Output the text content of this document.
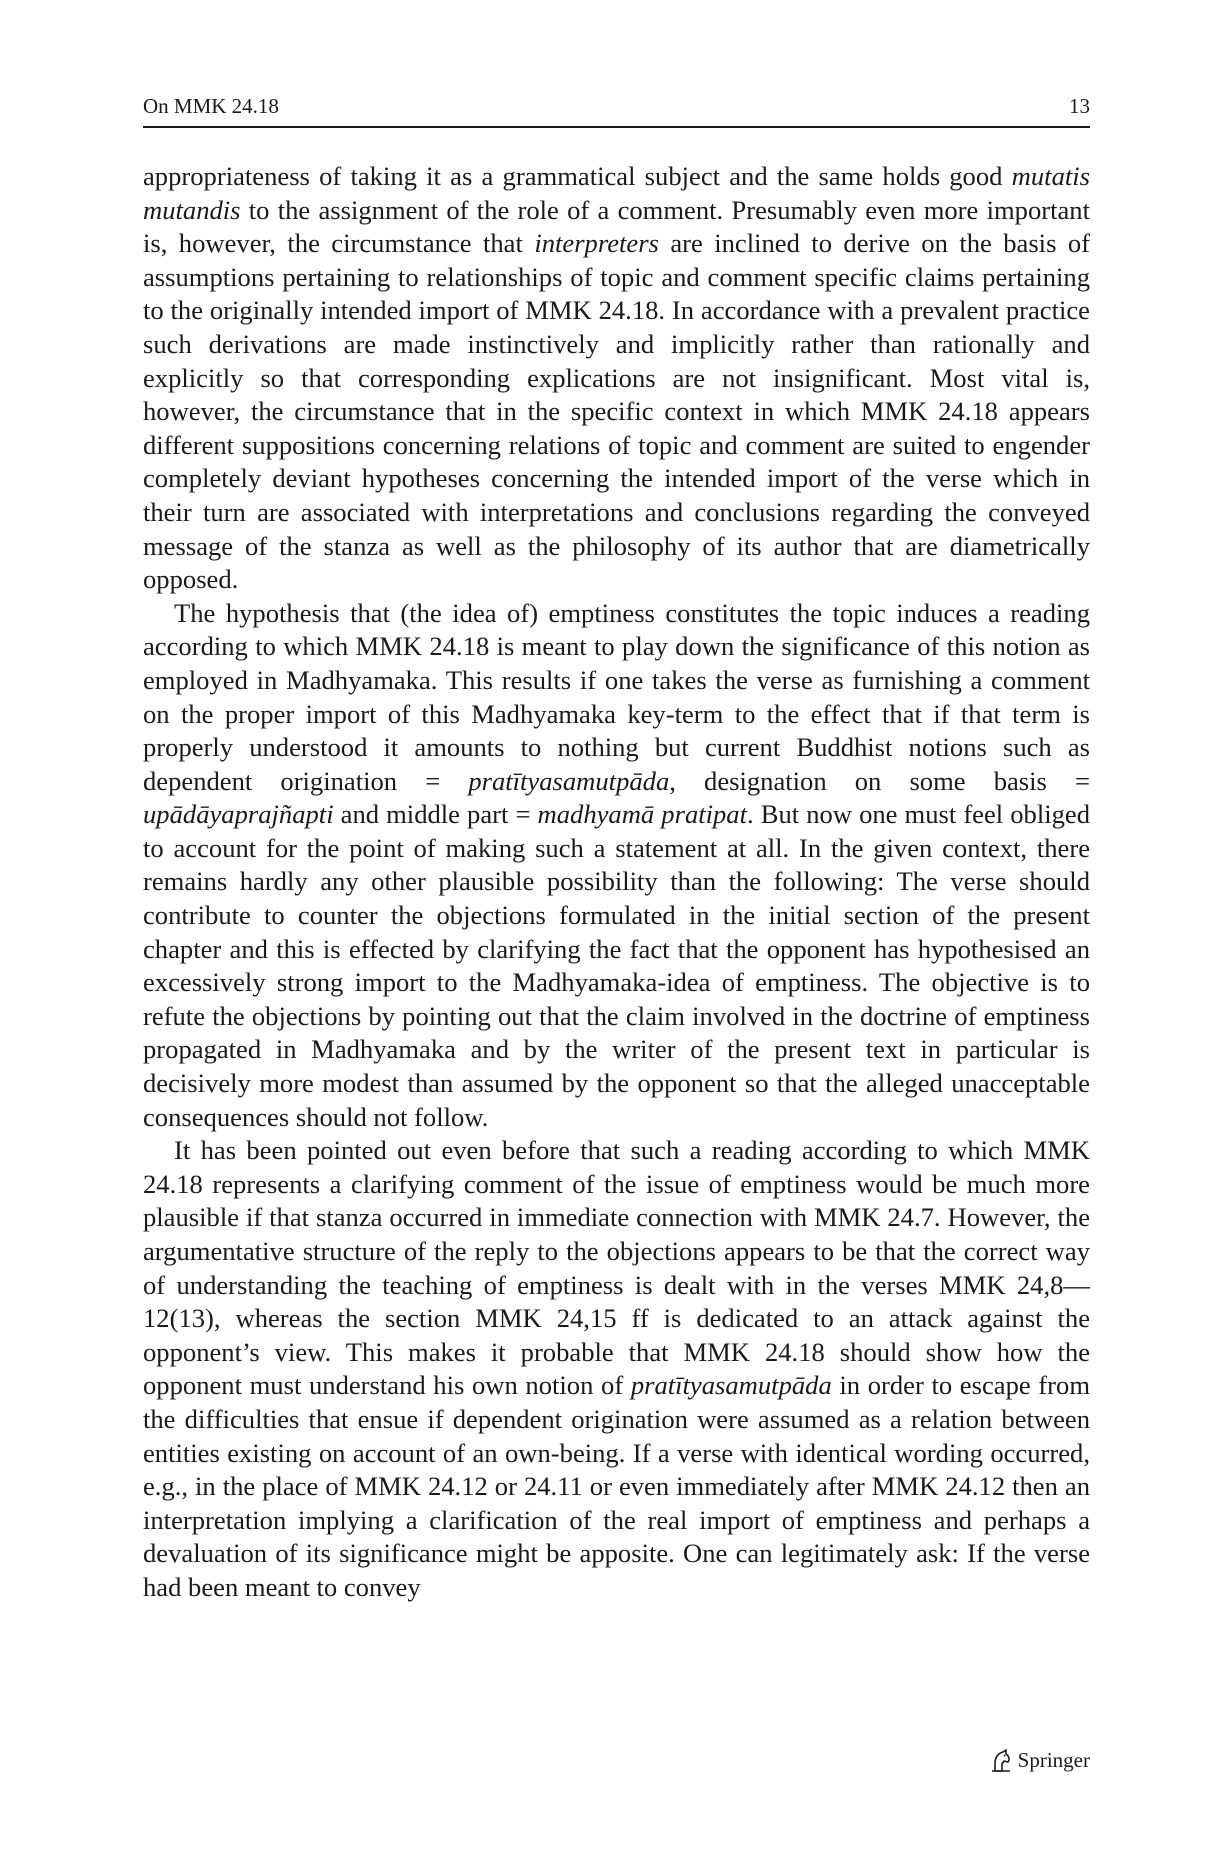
On MMK 24.18	13

appropriateness of taking it as a grammatical subject and the same holds good mutatis mutandis to the assignment of the role of a comment. Presumably even more important is, however, the circumstance that interpreters are inclined to derive on the basis of assumptions pertaining to relationships of topic and comment specific claims pertaining to the originally intended import of MMK 24.18. In accordance with a prevalent practice such derivations are made instinctively and implicitly rather than rationally and explicitly so that corresponding explications are not insignificant. Most vital is, however, the circumstance that in the specific context in which MMK 24.18 appears different suppositions concerning relations of topic and comment are suited to engender completely deviant hypotheses concerning the intended import of the verse which in their turn are associated with interpretations and conclusions regarding the conveyed message of the stanza as well as the philosophy of its author that are diametrically opposed.

The hypothesis that (the idea of) emptiness constitutes the topic induces a reading according to which MMK 24.18 is meant to play down the significance of this notion as employed in Madhyamaka. This results if one takes the verse as furnishing a comment on the proper import of this Madhyamaka key-term to the effect that if that term is properly understood it amounts to nothing but current Buddhist notions such as dependent origination = pratītyasamutpāda, designation on some basis = upādāyaprajñapti and middle part = madhyamā pratipat. But now one must feel obliged to account for the point of making such a statement at all. In the given context, there remains hardly any other plausible possibility than the following: The verse should contribute to counter the objections formulated in the initial section of the present chapter and this is effected by clarifying the fact that the opponent has hypothesised an excessively strong import to the Madhyamaka-idea of emptiness. The objective is to refute the objections by pointing out that the claim involved in the doctrine of emptiness propagated in Madhyamaka and by the writer of the present text in particular is decisively more modest than assumed by the opponent so that the alleged unacceptable consequences should not follow.

It has been pointed out even before that such a reading according to which MMK 24.18 represents a clarifying comment of the issue of emptiness would be much more plausible if that stanza occurred in immediate connection with MMK 24.7. However, the argumentative structure of the reply to the objections appears to be that the correct way of understanding the teaching of emptiness is dealt with in the verses MMK 24,8—12(13), whereas the section MMK 24,15 ff is dedicated to an attack against the opponent’s view. This makes it probable that MMK 24.18 should show how the opponent must understand his own notion of pratītyasamutpāda in order to escape from the difficulties that ensue if dependent origination were assumed as a relation between entities existing on account of an own-being. If a verse with identical wording occurred, e.g., in the place of MMK 24.12 or 24.11 or even immediately after MMK 24.12 then an interpretation implying a clarification of the real import of emptiness and perhaps a devaluation of its significance might be apposite. One can legitimately ask: If the verse had been meant to convey

Springer
